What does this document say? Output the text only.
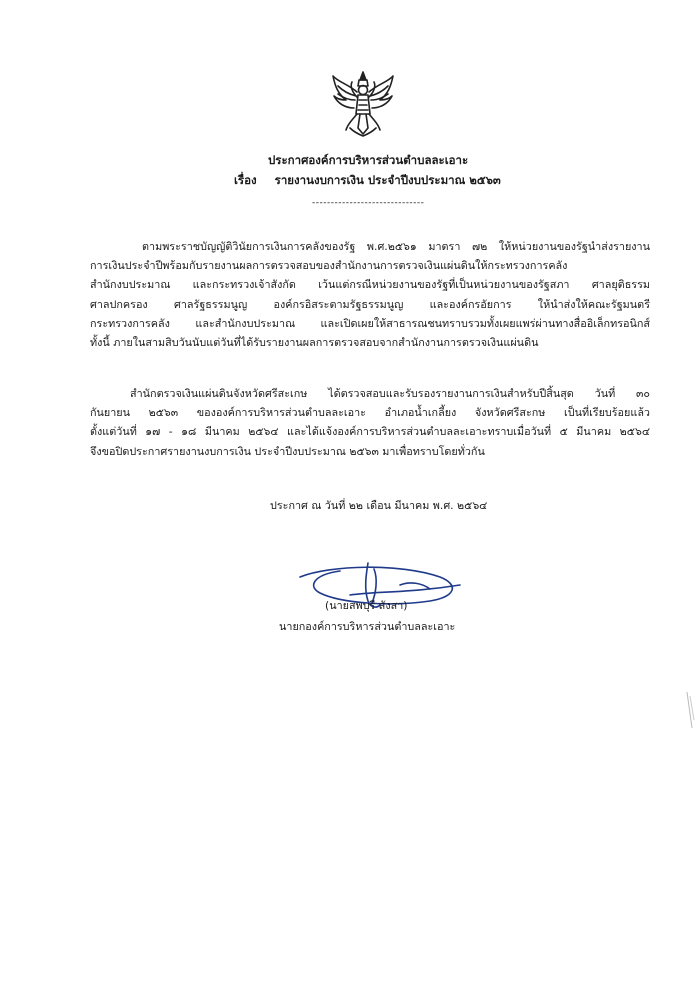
ประกาศองค์การบริหารส่วนตำบลละเอาะ
เรื่อง รายงานงบการเงิน ประจำปีงบประมาณ ๒๕๖๓
------------------------------
ตามพระราชบัญญัติวินัยการเงินการคลังของรัฐ พ.ศ.๒๕๖๑ มาตรา ๗๒ ให้หน่วยงานของรัฐนำส่งรายงาน
การเงินประจำปีพร้อมกับรายงานผลการตรวจสอบของสำนักงานการตรวจเงินแผ่นดินให้กระทรวงการคลัง
สำนักงบประมาณ และกระทรวงเจ้าสังกัด เว้นแต่กรณีหน่วยงานของรัฐที่เป็นหน่วยงานของรัฐสภา ศาลยุติธรรม
ศาลปกครอง ศาลรัฐธรรมนูญ องค์กรอิสระตามรัฐธรรมนูญ และองค์กรอัยการ ให้นำส่งให้คณะรัฐมนตรี
กระทรวงการคลัง และสำนักงบประมาณ และเปิดเผยให้สาธารณชนทราบรวมทั้งเผยแพร่ผ่านทางสื่ออิเล็กทรอนิกส์
ทั้งนี้ ภายในสามสิบวันนับแต่วันที่ได้รับรายงานผลการตรวจสอบจากสำนักงานการตรวจเงินแผ่นดิน
สำนักตรวจเงินแผ่นดินจังหวัดศรีสะเกษ ได้ตรวจสอบและรับรองรายงานการเงินสำหรับปีสิ้นสุด วันที่ ๓๐
กันยายน ๒๕๖๓ ขององค์การบริหารส่วนตำบลละเอาะ อำเภอน้ำเกลี้ยง จังหวัดศรีสะกษ เป็นที่เรียบร้อยแล้ว
ตั้งแต่วันที่ ๑๗ - ๑๘ มีนาคม ๒๕๖๔ และได้แจ้งองค์การบริหารส่วนตำบลละเอาะทราบเมื่อวันที่ ๕ มีนาคม ๒๕๖๔
จึงขอปิดประกาศรายงานงบการเงิน ประจำปีงบประมาณ ๒๕๖๓ มาเพื่อทราบโดยทั่วกัน
ประกาศ ณ วันที่ ๒๒ เดือน มีนาคม พ.ศ. ๒๕๖๔
(นายสพบุรี สังสา)
นายกองค์การบริหารส่วนตำบลละเอาะ
